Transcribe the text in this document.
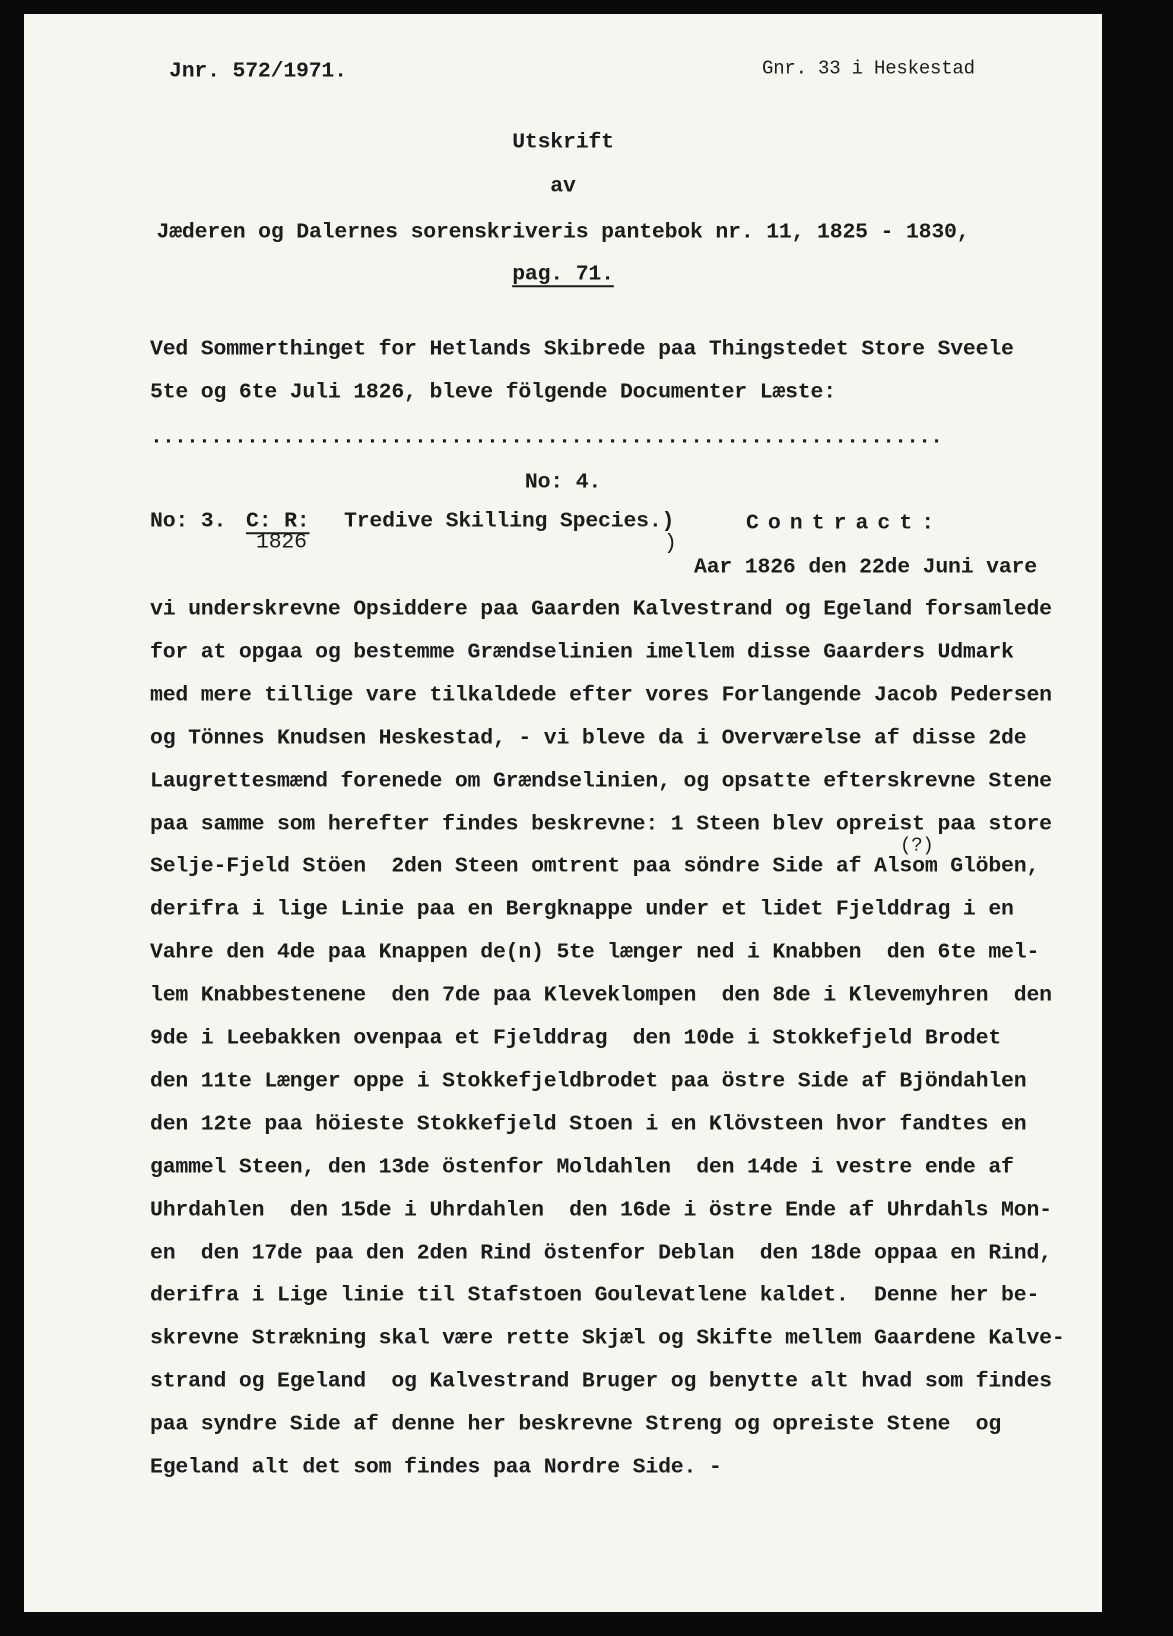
Jnr. 572/1971.	Gnr. 33 i Heskestad
Utskrift
av
Jæderen og Dalernes sorenskriveris pantebok nr. 11, 1825 - 1830,
pag. 71.
Ved Sommerthinget for Hetlands Skibrede paa Thingstedet Store Sveele
5te og 6te Juli 1826, bleve fölgende Documenter Læste:
..................................................................
No: 4.
No: 3. C: R:
1826
Tredive Skilling Species.)
)
Contract:
Aar 1826 den 22de Juni vare
(?)
vi underskrevne Opsiddere paa Gaarden Kalvestrand og Egeland forsamlede
for at opgaa og bestemme Grændselinien imellem disse Gaarders Udmark
med mere tillige vare tilkaldede efter vores Forlangende Jacob Pedersen
og Tönnes Knudsen Heskestad, - vi bleve da i Overværelse af disse 2de
Laugrettesmænd forenede om Grændselinien, og opsatte efterskrevne Stene
paa samme som herefter findes beskrevne: 1 Steen blev opreist paa store
Selje-Fjeld Stöen  2den Steen omtrent paa söndre Side af Alsom Glöben,
derifra i lige Linie paa en Bergknappe under et lidet Fjelddrag i en
Vahre den 4de paa Knappen de(n) 5te længer ned i Knabben  den 6te mel-
lem Knabbestenene  den 7de paa Kleveklompen  den 8de i Klevemyhren  den
9de i Leebakken ovenpaa et Fjelddrag  den 10de i Stokkefjeld Brodet
den 11te Længer oppe i Stokkefjeldbrodet paa östre Side af Bjöndahlen
den 12te paa höieste Stokkefjeld Stoen i en Klövsteen hvor fandtes en
gammel Steen, den 13de östenfor Moldahlen  den 14de i vestre ende af
Uhrdahlen  den 15de i Uhrdahlen  den 16de i östre Ende af Uhrdahls Mon-
en  den 17de paa den 2den Rind östenfor Deblan  den 18de oppaa en Rind,
derifra i Lige linie til Stafstoen Goulevatlene kaldet.  Denne her be-
skrevne Strækning skal være rette Skjæl og Skifte mellem Gaardene Kalve-
strand og Egeland  og Kalvestrand Bruger og benytte alt hvad som findes
paa syndre Side af denne her beskrevne Streng og opreiste Stene  og
Egeland alt det som findes paa Nordre Side. -
